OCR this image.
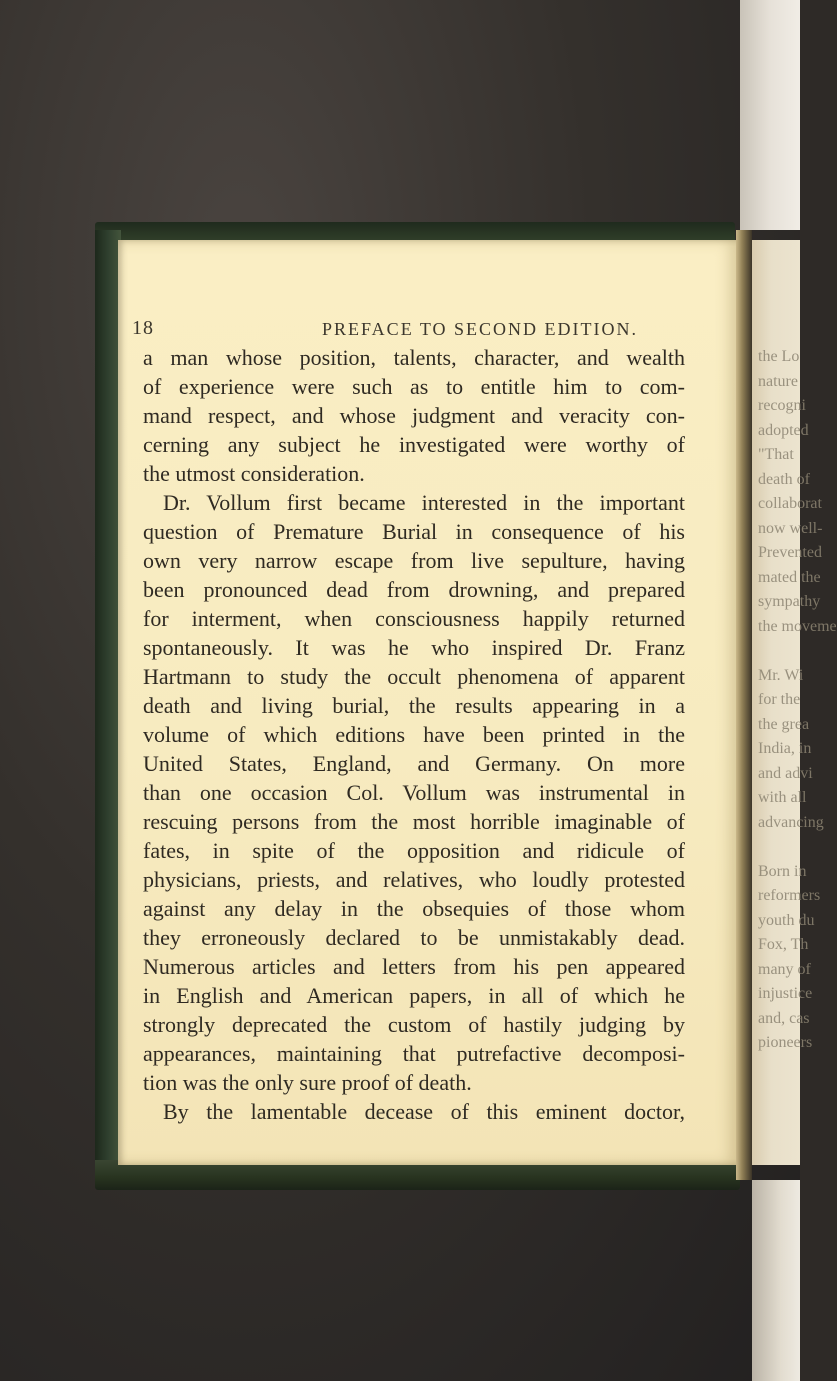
the Lo
nature
recogni
adopted
"That
death of
collaborat
now well-
Prevented
mated the
sympathy
the moveme

Mr. Wi
for the
the grea
India, in
and advi
with all
advancing

Born in
reformers
youth du
Fox, Th
many of
injustice
and, cas
pioneers
18	PREFACE TO SECOND EDITION.
a man whose position, talents, character, and wealth
of experience were such as to entitle him to com-
mand respect, and whose judgment and veracity con-
cerning any subject he investigated were worthy of
the utmost consideration.
Dr. Vollum first became interested in the important
question of Premature Burial in consequence of his
own very narrow escape from live sepulture, having
been pronounced dead from drowning, and prepared
for interment, when consciousness happily returned
spontaneously. It was he who inspired Dr. Franz
Hartmann to study the occult phenomena of apparent
death and living burial, the results appearing in a
volume of which editions have been printed in the
United States, England, and Germany. On more
than one occasion Col. Vollum was instrumental in
rescuing persons from the most horrible imaginable of
fates, in spite of the opposition and ridicule of
physicians, priests, and relatives, who loudly protested
against any delay in the obsequies of those whom
they erroneously declared to be unmistakably dead.
Numerous articles and letters from his pen appeared
in English and American papers, in all of which he
strongly deprecated the custom of hastily judging by
appearances, maintaining that putrefactive decomposi-
tion was the only sure proof of death.
By the lamentable decease of this eminent doctor,
